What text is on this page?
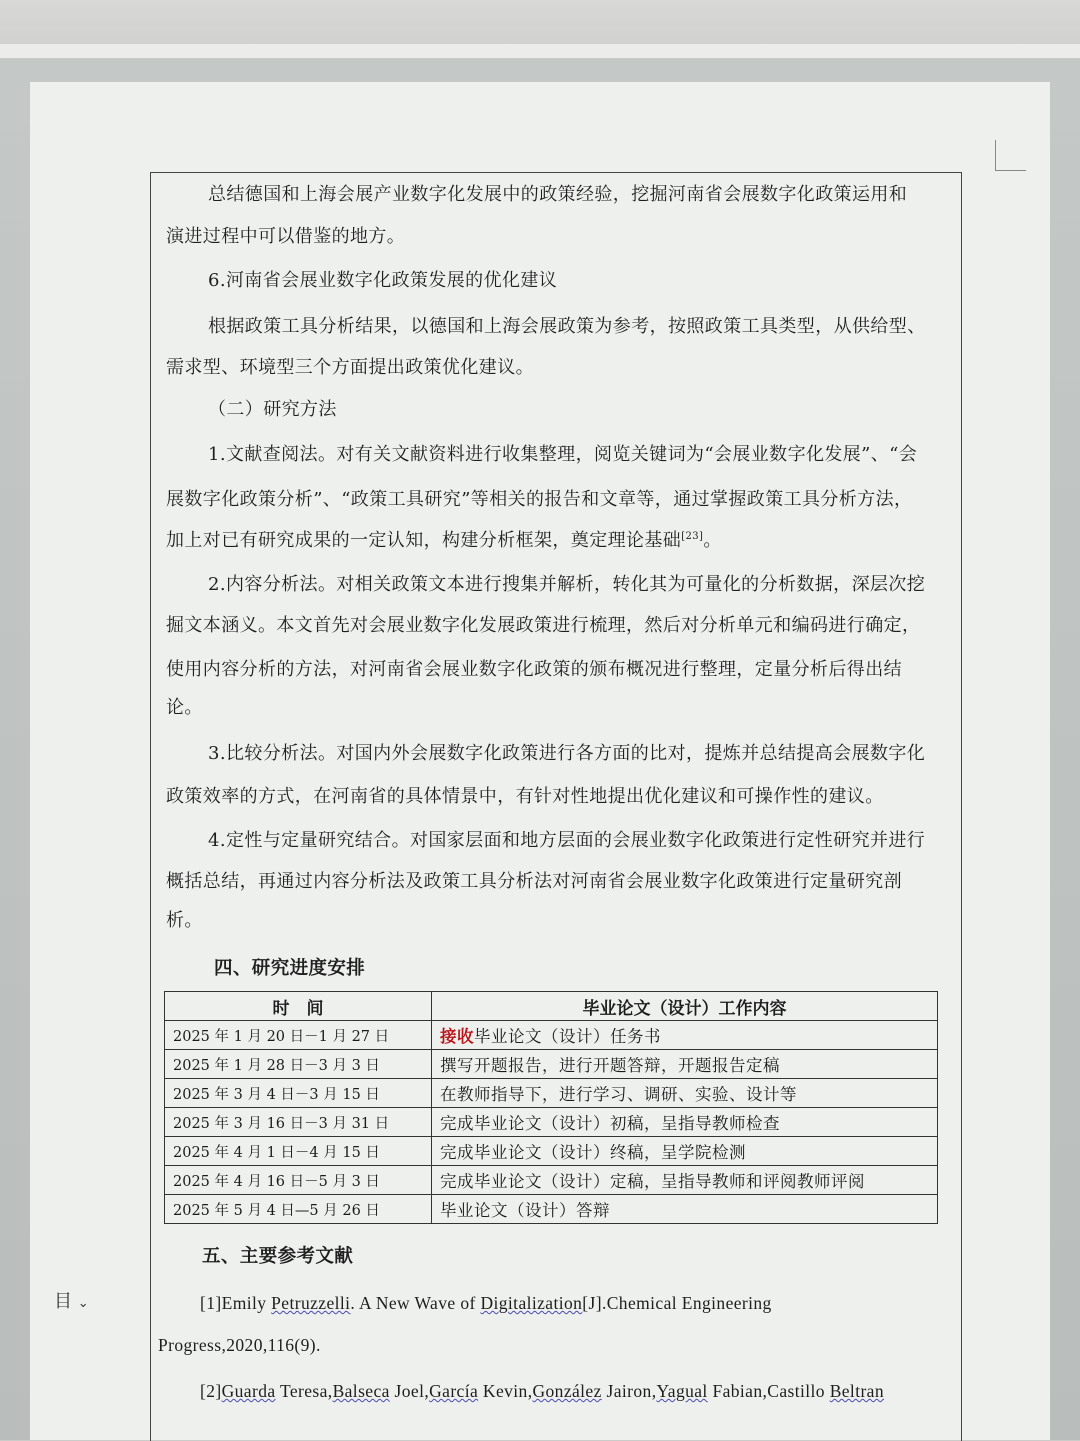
总结德国和上海会展产业数字化发展中的政策经验，挖掘河南省会展数字化政策运用和
演进过程中可以借鉴的地方。
6.河南省会展业数字化政策发展的优化建议
根据政策工具分析结果，以德国和上海会展政策为参考，按照政策工具类型，从供给型、
需求型、环境型三个方面提出政策优化建议。
（二）研究方法
1.文献查阅法。对有关文献资料进行收集整理，阅览关键词为“会展业数字化发展”、“会
展数字化政策分析”、“政策工具研究”等相关的报告和文章等，通过掌握政策工具分析方法，
加上对已有研究成果的一定认知，构建分析框架，奠定理论基础[23]。
2.内容分析法。对相关政策文本进行搜集并解析，转化其为可量化的分析数据，深层次挖
掘文本涵义。本文首先对会展业数字化发展政策进行梳理，然后对分析单元和编码进行确定，
使用内容分析的方法，对河南省会展业数字化政策的颁布概况进行整理，定量分析后得出结
论。
3.比较分析法。对国内外会展数字化政策进行各方面的比对，提炼并总结提高会展数字化
政策效率的方式，在河南省的具体情景中，有针对性地提出优化建议和可操作性的建议。
4.定性与定量研究结合。对国家层面和地方层面的会展业数字化政策进行定性研究并进行
概括总结，再通过内容分析法及政策工具分析法对河南省会展业数字化政策进行定量研究剖
析。
四、研究进度安排
时　间	毕业论文（设计）工作内容
2025 年 1 月 20 日－1 月 27 日	接收毕业论文（设计）任务书
2025 年 1 月 28 日－3 月 3 日	撰写开题报告，进行开题答辩，开题报告定稿
2025 年 3 月 4 日－3 月 15 日	在教师指导下，进行学习、调研、实验、设计等
2025 年 3 月 16 日－3 月 31 日	完成毕业论文（设计）初稿，呈指导教师检查
2025 年 4 月 1 日－4 月 15 日	完成毕业论文（设计）终稿，呈学院检测
2025 年 4 月 16 日－5 月 3 日	完成毕业论文（设计）定稿，呈指导教师和评阅教师评阅
2025 年 5 月 4 日—5 月 26 日	毕业论文（设计）答辩
五、主要参考文献
[1]Emily Petruzzelli. A New Wave of Digitalization[J].Chemical Engineering
Progress,2020,116(9).
[2]Guarda Teresa,Balseca Joel,García Kevin,González Jairon,Yagual Fabian,Castillo Beltran
目 ⌄
